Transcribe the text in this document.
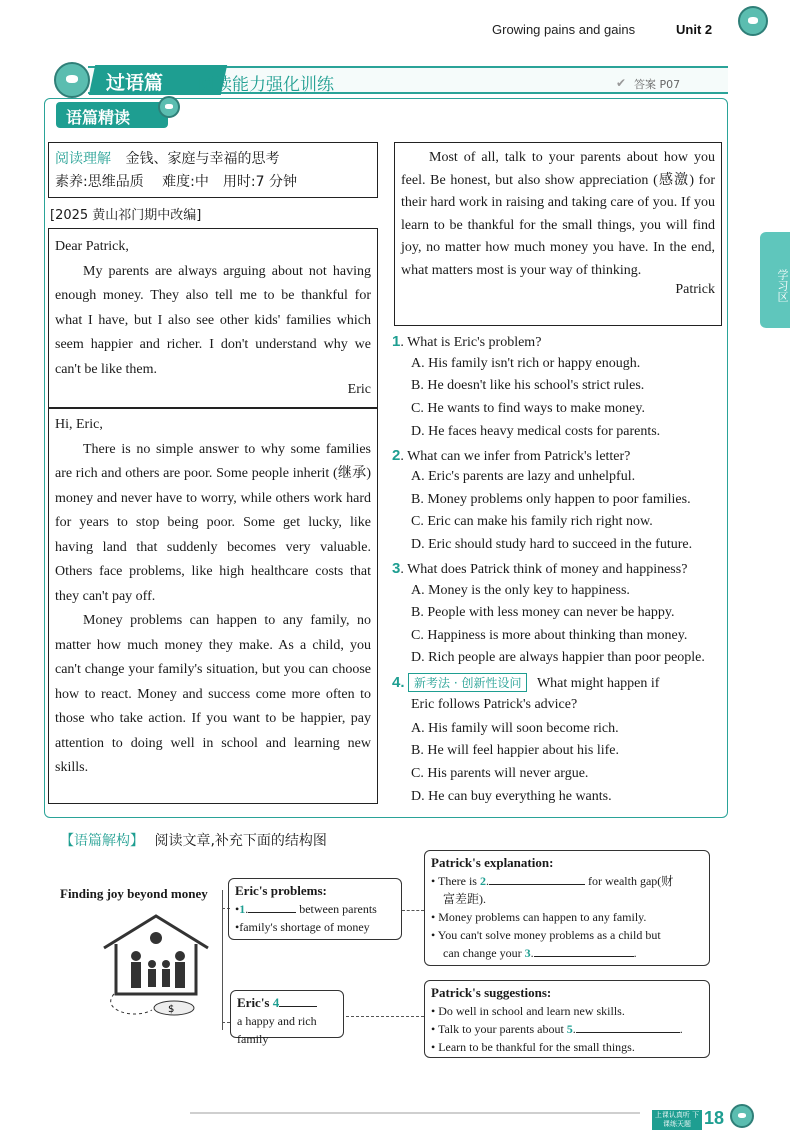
Growing pains and gains	Unit 2
过语篇 阅读能力强化训练	✔ 答案 P07
语篇精读
阅读理解 金钱、家庭与幸福的思考
素养:思维品质　 难度:中　用时:7 分钟
[2025 黄山祁门期中改编]
Dear Patrick,
My parents are always arguing about not having enough money. They also tell me to be thankful for what I have, but I also see other kids' families which seem happier and richer. I don't understand why we can't be like them.
Eric
Hi, Eric,
There is no simple answer to why some families are rich and others are poor. Some people inherit (继承) money and never have to worry, while others work hard for years to stop being poor. Some get lucky, like having land that suddenly becomes very valuable. Others face problems, like high healthcare costs that they can't pay off.
Money problems can happen to any family, no matter how much money they make. As a child, you can't change your family's situation, but you can choose how to react. Money and success come more often to those who take action. If you want to be happier, pay attention to doing well in school and learning new skills.
Most of all, talk to your parents about how you feel. Be honest, but also show appreciation (感激) for their hard work in raising and taking care of you. If you learn to be thankful for the small things, you will find joy, no matter how much money you have. In the end, what matters most is your way of thinking.
Patrick
1. What is Eric's problem?
A. His family isn't rich or happy enough.
B. He doesn't like his school's strict rules.
C. He wants to find ways to make money.
D. He faces heavy medical costs for parents.
2. What can we infer from Patrick's letter?
A. Eric's parents are lazy and unhelpful.
B. Money problems only happen to poor families.
C. Eric can make his family rich right now.
D. Eric should study hard to succeed in the future.
3. What does Patrick think of money and happiness?
A. Money is the only key to happiness.
B. People with less money can never be happy.
C. Happiness is more about thinking than money.
D. Rich people are always happier than poor people.
4. 新考法 · 创新性设问 What might happen if
Eric follows Patrick's advice?
A. His family will soon become rich.
B. He will feel happier about his life.
C. His parents will never argue.
D. He can buy everything he wants.
【语篇解构】 阅读文章,补充下面的结构图
Finding joy beyond money
$
Eric's problems:
•1.	between parents
•family's shortage of money
Eric's 4
a happy and rich family
Patrick's explanation:
• There is 2.	for wealth gap(财
富差距).
• Money problems can happen to any family.
• You can't solve money problems as a child but
can change your 3.	.
Patrick's suggestions:
• Do well in school and learn new skills.
• Talk to your parents about 5.	.
• Learn to be thankful for the small things.
学习区
上课认真听 下课练天题 18
